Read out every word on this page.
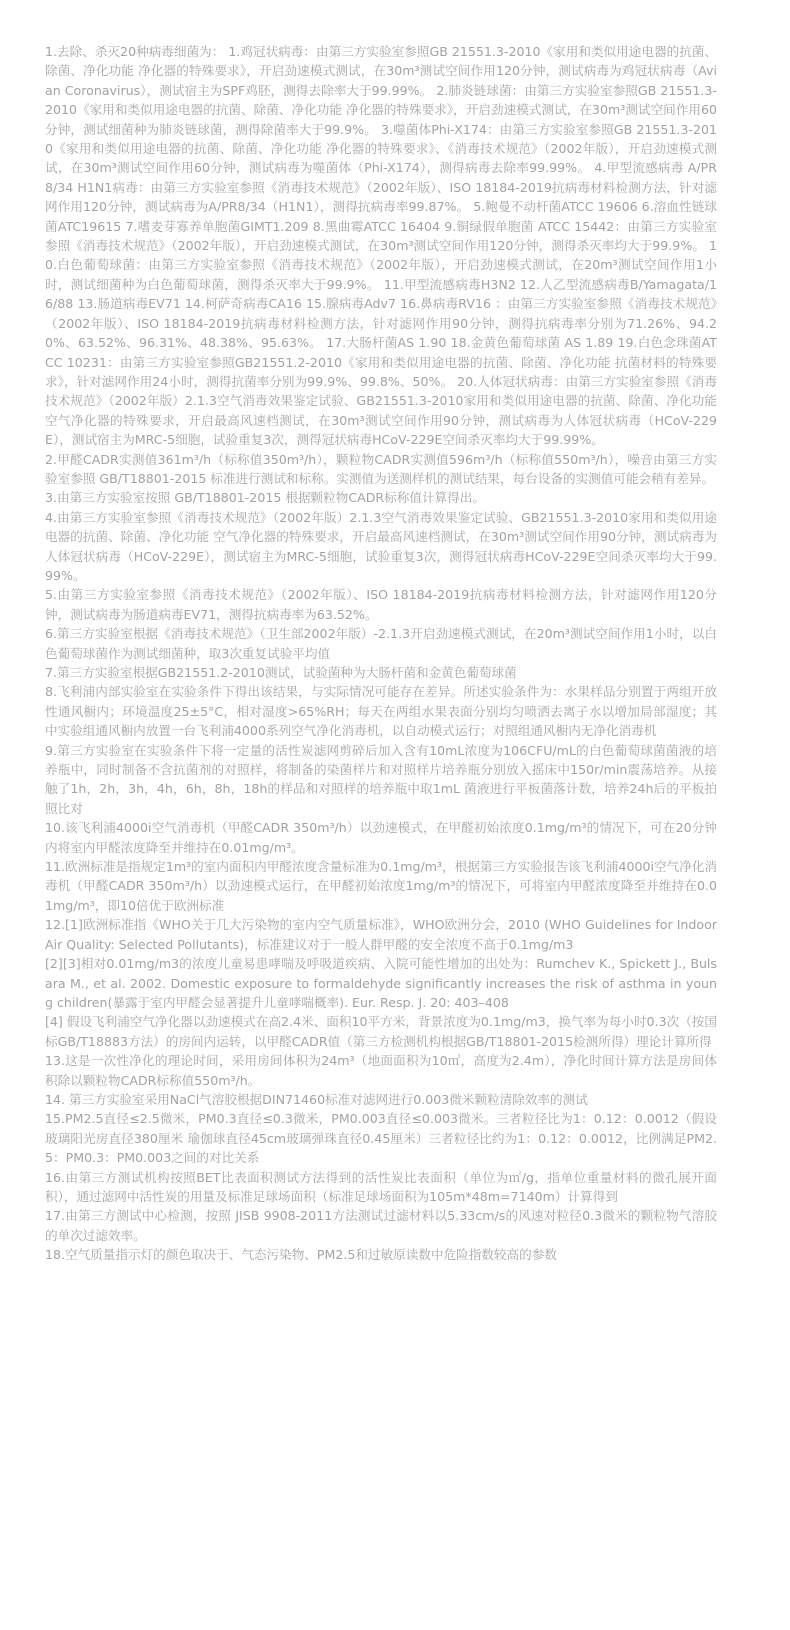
1.去除、杀灭20种病毒细菌为： 1.鸡冠状病毒：由第三方实验室参照GB 21551.3-2010《家用和类似用途电器的抗菌、除菌、净化功能 净化器的特殊要求》，开启劲速模式测试，在30m³测试空间作用120分钟，测试病毒为鸡冠状病毒（Avian Coronavirus），测试宿主为SPF鸡胚，测得去除率大于99.99%。 2.肺炎链球菌：由第三方实验室参照GB 21551.3-2010《家用和类似用途电器的抗菌、除菌、净化功能 净化器的特殊要求》，开启劲速模式测试，在30m³测试空间作用60分钟，测试细菌种为肺炎链球菌，测得除菌率大于99.9%。 3.噬菌体Phi-X174：由第三方实验室参照GB 21551.3-2010《家用和类似用途电器的抗菌、除菌、净化功能 净化器的特殊要求》、《消毒技术规范》（2002年版），开启劲速模式测试，在30m³测试空间作用60分钟，测试病毒为噬菌体（Phi-X174），测得病毒去除率99.99%。 4.甲型流感病毒 A/PR8/34 H1N1病毒：由第三方实验室参照《消毒技术规范》（2002年版）、ISO 18184-2019抗病毒材料检测方法，针对滤网作用120分钟，测试病毒为A/PR8/34（H1N1），测得抗病毒率99.87%。 5.鲍曼不动杆菌ATCC 19606 6.溶血性链球菌ATC19615 7.嗜麦芽寡养单胞菌GIMT1.209 8.黑曲霉ATCC 16404 9.铜绿假单胞菌 ATCC 15442：由第三方实验室参照《消毒技术规范》（2002年版），开启劲速模式测试，在30m³测试空间作用120分钟，测得杀灭率均大于99.9%。 10.白色葡萄球菌：由第三方实验室参照《消毒技术规范》（2002年版），开启劲速模式测试，在20m³测试空间作用1小时，测试细菌种为白色葡萄球菌，测得杀灭率大于99.9%。 11.甲型流感病毒H3N2 12.人乙型流感病毒B/Yamagata/16/88 13.肠道病毒EV71 14.柯萨奇病毒CA16 15.腺病毒Adv7 16.鼻病毒RV16 ：由第三方实验室参照《消毒技术规范》（2002年版）、ISO 18184-2019抗病毒材料检测方法，针对滤网作用90分钟，测得抗病毒率分别为71.26%、94.20%、63.52%、96.31%、48.38%、95.63%。 17.大肠杆菌AS 1.90 18.金黄色葡萄球菌 AS 1.89 19.白色念珠菌ATCC 10231：由第三方实验室参照GB21551.2-2010《家用和类似用途电器的抗菌、除菌、净化功能 抗菌材料的特殊要求》，针对滤网作用24小时，测得抗菌率分别为99.9%、99.8%、50%。 20.人体冠状病毒：由第三方实验室参照《消毒技术规范》（2002年版）2.1.3空气消毒效果鉴定试验、GB21551.3-2010家用和类似用途电器的抗菌、除菌、净化功能 空气净化器的特殊要求，开启最高风速档测试，在30m³测试空间作用90分钟，测试病毒为人体冠状病毒（HCoV-229E），测试宿主为MRC-5细胞，试验重复3次，测得冠状病毒HCoV-229E空间杀灭率均大于99.99%。

2.甲醛CADR实测值361m³/h（标称值350m³/h），颗粒物CADR实测值596m³/h（标称值550m³/h），噪音由第三方实验室参照 GB/T18801-2015 标准进行测试和标称。实测值为送测样机的测试结果，每台设备的实测值可能会稍有差异。

3.由第三方实验室按照 GB/T18801-2015 根据颗粒物CADR标称值计算得出。

4.由第三方实验室参照《消毒技术规范》（2002年版）2.1.3空气消毒效果鉴定试验、GB21551.3-2010家用和类似用途电器的抗菌、除菌、净化功能 空气净化器的特殊要求，开启最高风速档测试，在30m³测试空间作用90分钟，测试病毒为人体冠状病毒（HCoV-229E），测试宿主为MRC-5细胞，试验重复3次，测得冠状病毒HCoV-229E空间杀灭率均大于99.99%。

5.由第三方实验室参照《消毒技术规范》（2002年版）、ISO 18184-2019抗病毒材料检测方法，针对滤网作用120分钟，测试病毒为肠道病毒EV71，测得抗病毒率为63.52%。

6.第三方实验室根据《消毒技术规范》（卫生部2002年版）-2.1.3开启劲速模式测试，在20m³测试空间作用1小时，以白色葡萄球菌作为测试细菌种，取3次重复试验平均值

7.第三方实验室根据GB21551.2-2010测试，试验菌种为大肠杆菌和金黄色葡萄球菌

8.飞利浦内部实验室在实验条件下得出该结果，与实际情况可能存在差异。所述实验条件为：水果样品分别置于两组开放性通风橱内；环境温度25±5°C，相对湿度>65%RH；每天在两组水果表面分别均匀喷洒去离子水以增加局部湿度；其中实验组通风橱内放置一台飞利浦4000系列空气净化消毒机，以自动模式运行；对照组通风橱内无净化消毒机

9.第三方实验室在实验条件下将一定量的活性炭滤网剪碎后加入含有10mL浓度为106CFU/mL的白色葡萄球菌菌液的培养瓶中，同时制备不含抗菌剂的对照样，将制备的染菌样片和对照样片培养瓶分别放入摇床中150r/min震荡培养。从接触了1h，2h，3h，4h，6h，8h，18h的样品和对照样的培养瓶中取1mL 菌液进行平板菌落计数，培养24h后的平板拍照比对

10.该飞利浦4000i空气消毒机（甲醛CADR 350m³/h）以劲速模式，在甲醛初始浓度0.1mg/m³的情况下，可在20分钟内将室内甲醛浓度降至并维持在0.01mg/m³。

11.欧洲标准是指规定1m³的室内面积内甲醛浓度含量标准为0.1mg/m³，根据第三方实验报告该飞利浦4000i空气净化消毒机（甲醛CADR 350m³/h）以劲速模式运行，在甲醛初始浓度1mg/m³的情况下，可将室内甲醛浓度降至并维持在0.01mg/m³，即10倍优于欧洲标准

12.[1]欧洲标准指《WHO关于几大污染物的室内空气质量标准》，WHO欧洲分会，2010 (WHO Guidelines for Indoor Air Quality: Selected Pollutants)，标准建议对于一般人群甲醛的安全浓度不高于0.1mg/m3

[2][3]相对0.01mg/m3的浓度儿童易患哮喘及呼吸道疾病、入院可能性增加的出处为：Rumchev K., Spickett J., Bulsara M., et al. 2002. Domestic exposure to formaldehyde significantly increases the risk of asthma in young children(暴露于室内甲醛会显著提升儿童哮喘概率). Eur. Resp. J. 20: 403–408

[4] 假设飞利浦空气净化器以劲速模式在高2.4米、面积10平方米，背景浓度为0.1mg/m3，换气率为每小时0.3次（按国标GB/T18883方法）的房间内运转，以甲醛CADR值（第三方检测机构根据GB/T18801-2015检测所得）理论计算所得

13.这是一次性净化的理论时间，采用房间体积为24m³（地面面积为10㎡，高度为2.4m），净化时间计算方法是房间体积除以颗粒物CADR标称值550m³/h。

14. 第三方实验室采用NaCl气溶胶根据DIN71460标准对滤网进行0.003微米颗粒清除效率的测试

15.PM2.5直径≤2.5微米，PM0.3直径≤0.3微米，PM0.003直径≤0.003微米。三者粒径比为1：0.12：0.0012（假设玻璃阳光房直径380厘米 瑜伽球直径45cm玻璃弹珠直径0.45厘米）三者粒径比约为1：0.12：0.0012，比例满足PM2.5：PM0.3：PM0.003之间的对比关系

16.由第三方测试机构按照BET比表面积测试方法得到的活性炭比表面积（单位为㎡/g，指单位重量材料的微孔展开面积），通过滤网中活性炭的用量及标准足球场面积（标准足球场面积为105m*48m=7140m）计算得到

17.由第三方测试中心检测，按照 JISB 9908-2011方法测试过滤材料以5.33cm/s的风速对粒径0.3微米的颗粒物气溶胶的单次过滤效率。

18.空气质量指示灯的颜色取决于、气态污染物、PM2.5和过敏原读数中危险指数较高的参数
